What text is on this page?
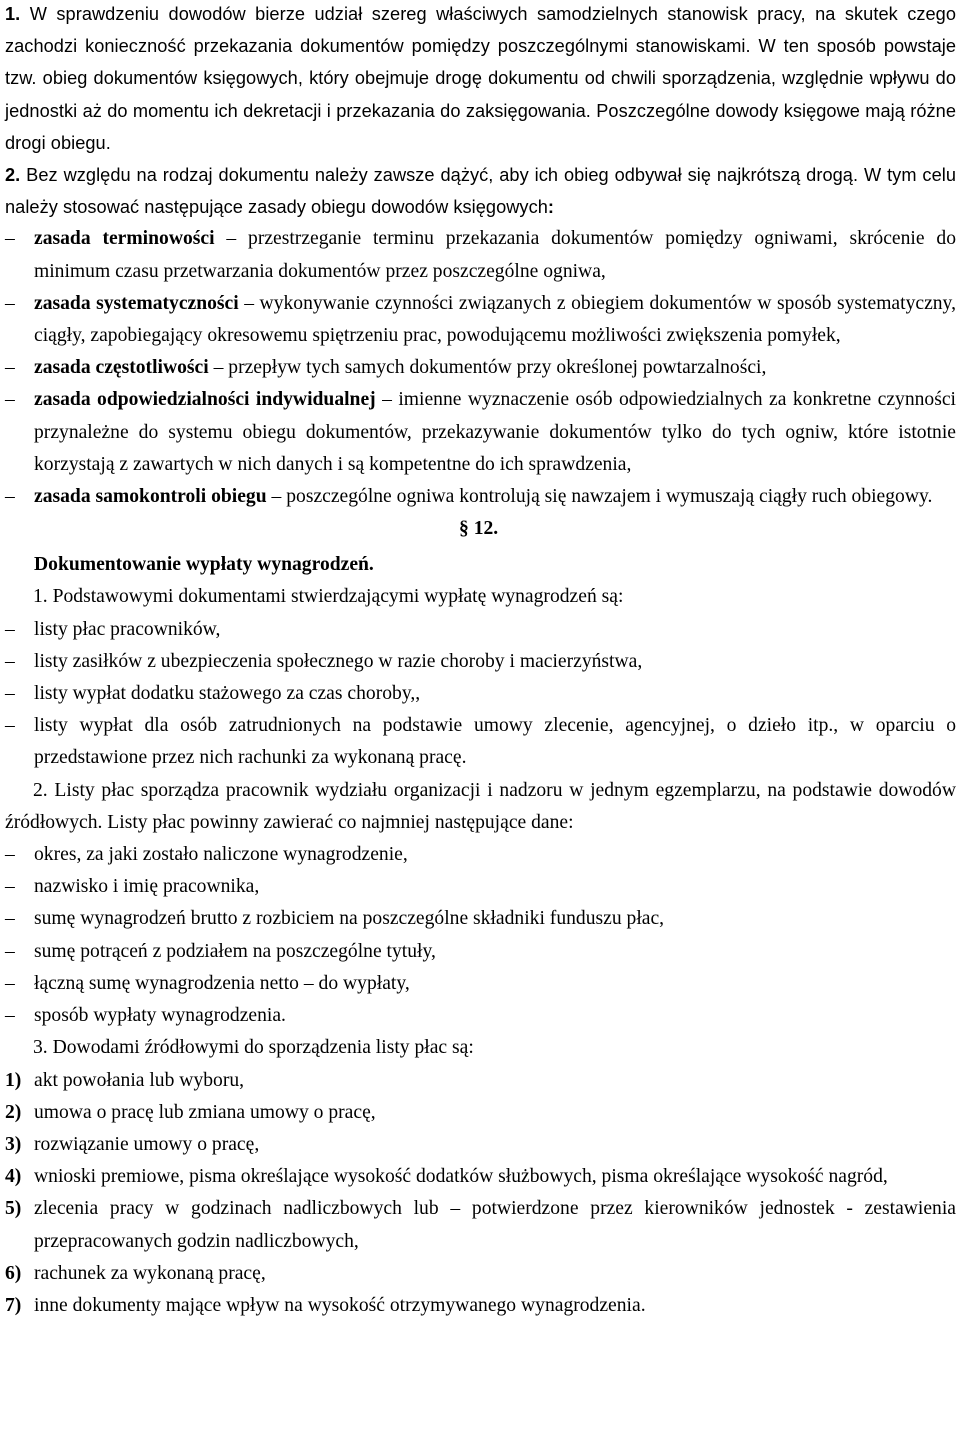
1. W sprawdzeniu dowodów bierze udział szereg właściwych samodzielnych stanowisk pracy, na skutek czego zachodzi konieczność przekazania dokumentów pomiędzy poszczególnymi stanowiskami. W ten sposób powstaje tzw. obieg dokumentów księgowych, który obejmuje drogę dokumentu od chwili sporządzenia, względnie wpływu do jednostki aż do momentu ich dekretacji i przekazania do zaksięgowania. Poszczególne dowody księgowe mają różne drogi obiegu.

2. Bez względu na rodzaj dokumentu należy zawsze dążyć, aby ich obieg odbywał się najkrótszą drogą. W tym celu należy stosować następujące zasady obiegu dowodów księgowych:

– zasada terminowości – przestrzeganie terminu przekazania dokumentów pomiędzy ogniwami, skrócenie do minimum czasu przetwarzania dokumentów przez poszczególne ogniwa,
– zasada systematyczności – wykonywanie czynności związanych z obiegiem dokumentów w sposób systematyczny, ciągły, zapobiegający okresowemu spiętrzeniu prac, powodującemu możliwości zwiększenia pomyłek,
– zasada częstotliwości – przepływ tych samych dokumentów przy określonej powtarzalności,
– zasada odpowiedzialności indywidualnej – imienne wyznaczenie osób odpowiedzialnych za konkretne czynności przynależne do systemu obiegu dokumentów, przekazywanie dokumentów tylko do tych ogniw, które istotnie korzystają z zawartych w nich danych i są kompetentne do ich sprawdzenia,
– zasada samokontroli obiegu – poszczególne ogniwa kontrolują się nawzajem i wymuszają ciągły ruch obiegowy.
§ 12.
Dokumentowanie wypłaty wynagrodzeń.

1. Podstawowymi dokumentami stwierdzającymi wypłatę wynagrodzeń są:

– listy płac pracowników,
– listy zasiłków z ubezpieczenia społecznego w razie choroby i macierzyństwa,
– listy wypłat dodatku stażowego za czas choroby,,
– listy wypłat dla osób zatrudnionych na podstawie umowy zlecenie, agencyjnej, o dzieło itp., w oparciu o przedstawione przez nich rachunki za wykonaną pracę.

2. Listy płac sporządza pracownik wydziału organizacji i nadzoru w jednym egzemplarzu, na podstawie dowodów źródłowych. Listy płac powinny zawierać co najmniej następujące dane:

– okres, za jaki zostało naliczone wynagrodzenie,
– nazwisko i imię pracownika,
– sumę wynagrodzeń brutto z rozbiciem na poszczególne składniki funduszu płac,
– sumę potrąceń z podziałem na poszczególne tytuły,
– łączną sumę wynagrodzenia netto – do wypłaty,
– sposób wypłaty wynagrodzenia.

3. Dowodami źródłowymi do sporządzenia listy płac są:

1) akt powołania lub wyboru,
2) umowa o pracę lub zmiana umowy o pracę,
3) rozwiązanie umowy o pracę,
4) wnioski premiowe, pisma określające wysokość dodatków służbowych, pisma określające wysokość nagród,
5) zlecenia pracy w godzinach nadliczbowych lub – potwierdzone przez kierowników jednostek - zestawienia przepracowanych godzin nadliczbowych,
6) rachunek za wykonaną pracę,
7) inne dokumenty mające wpływ na wysokość otrzymywanego wynagrodzenia.
